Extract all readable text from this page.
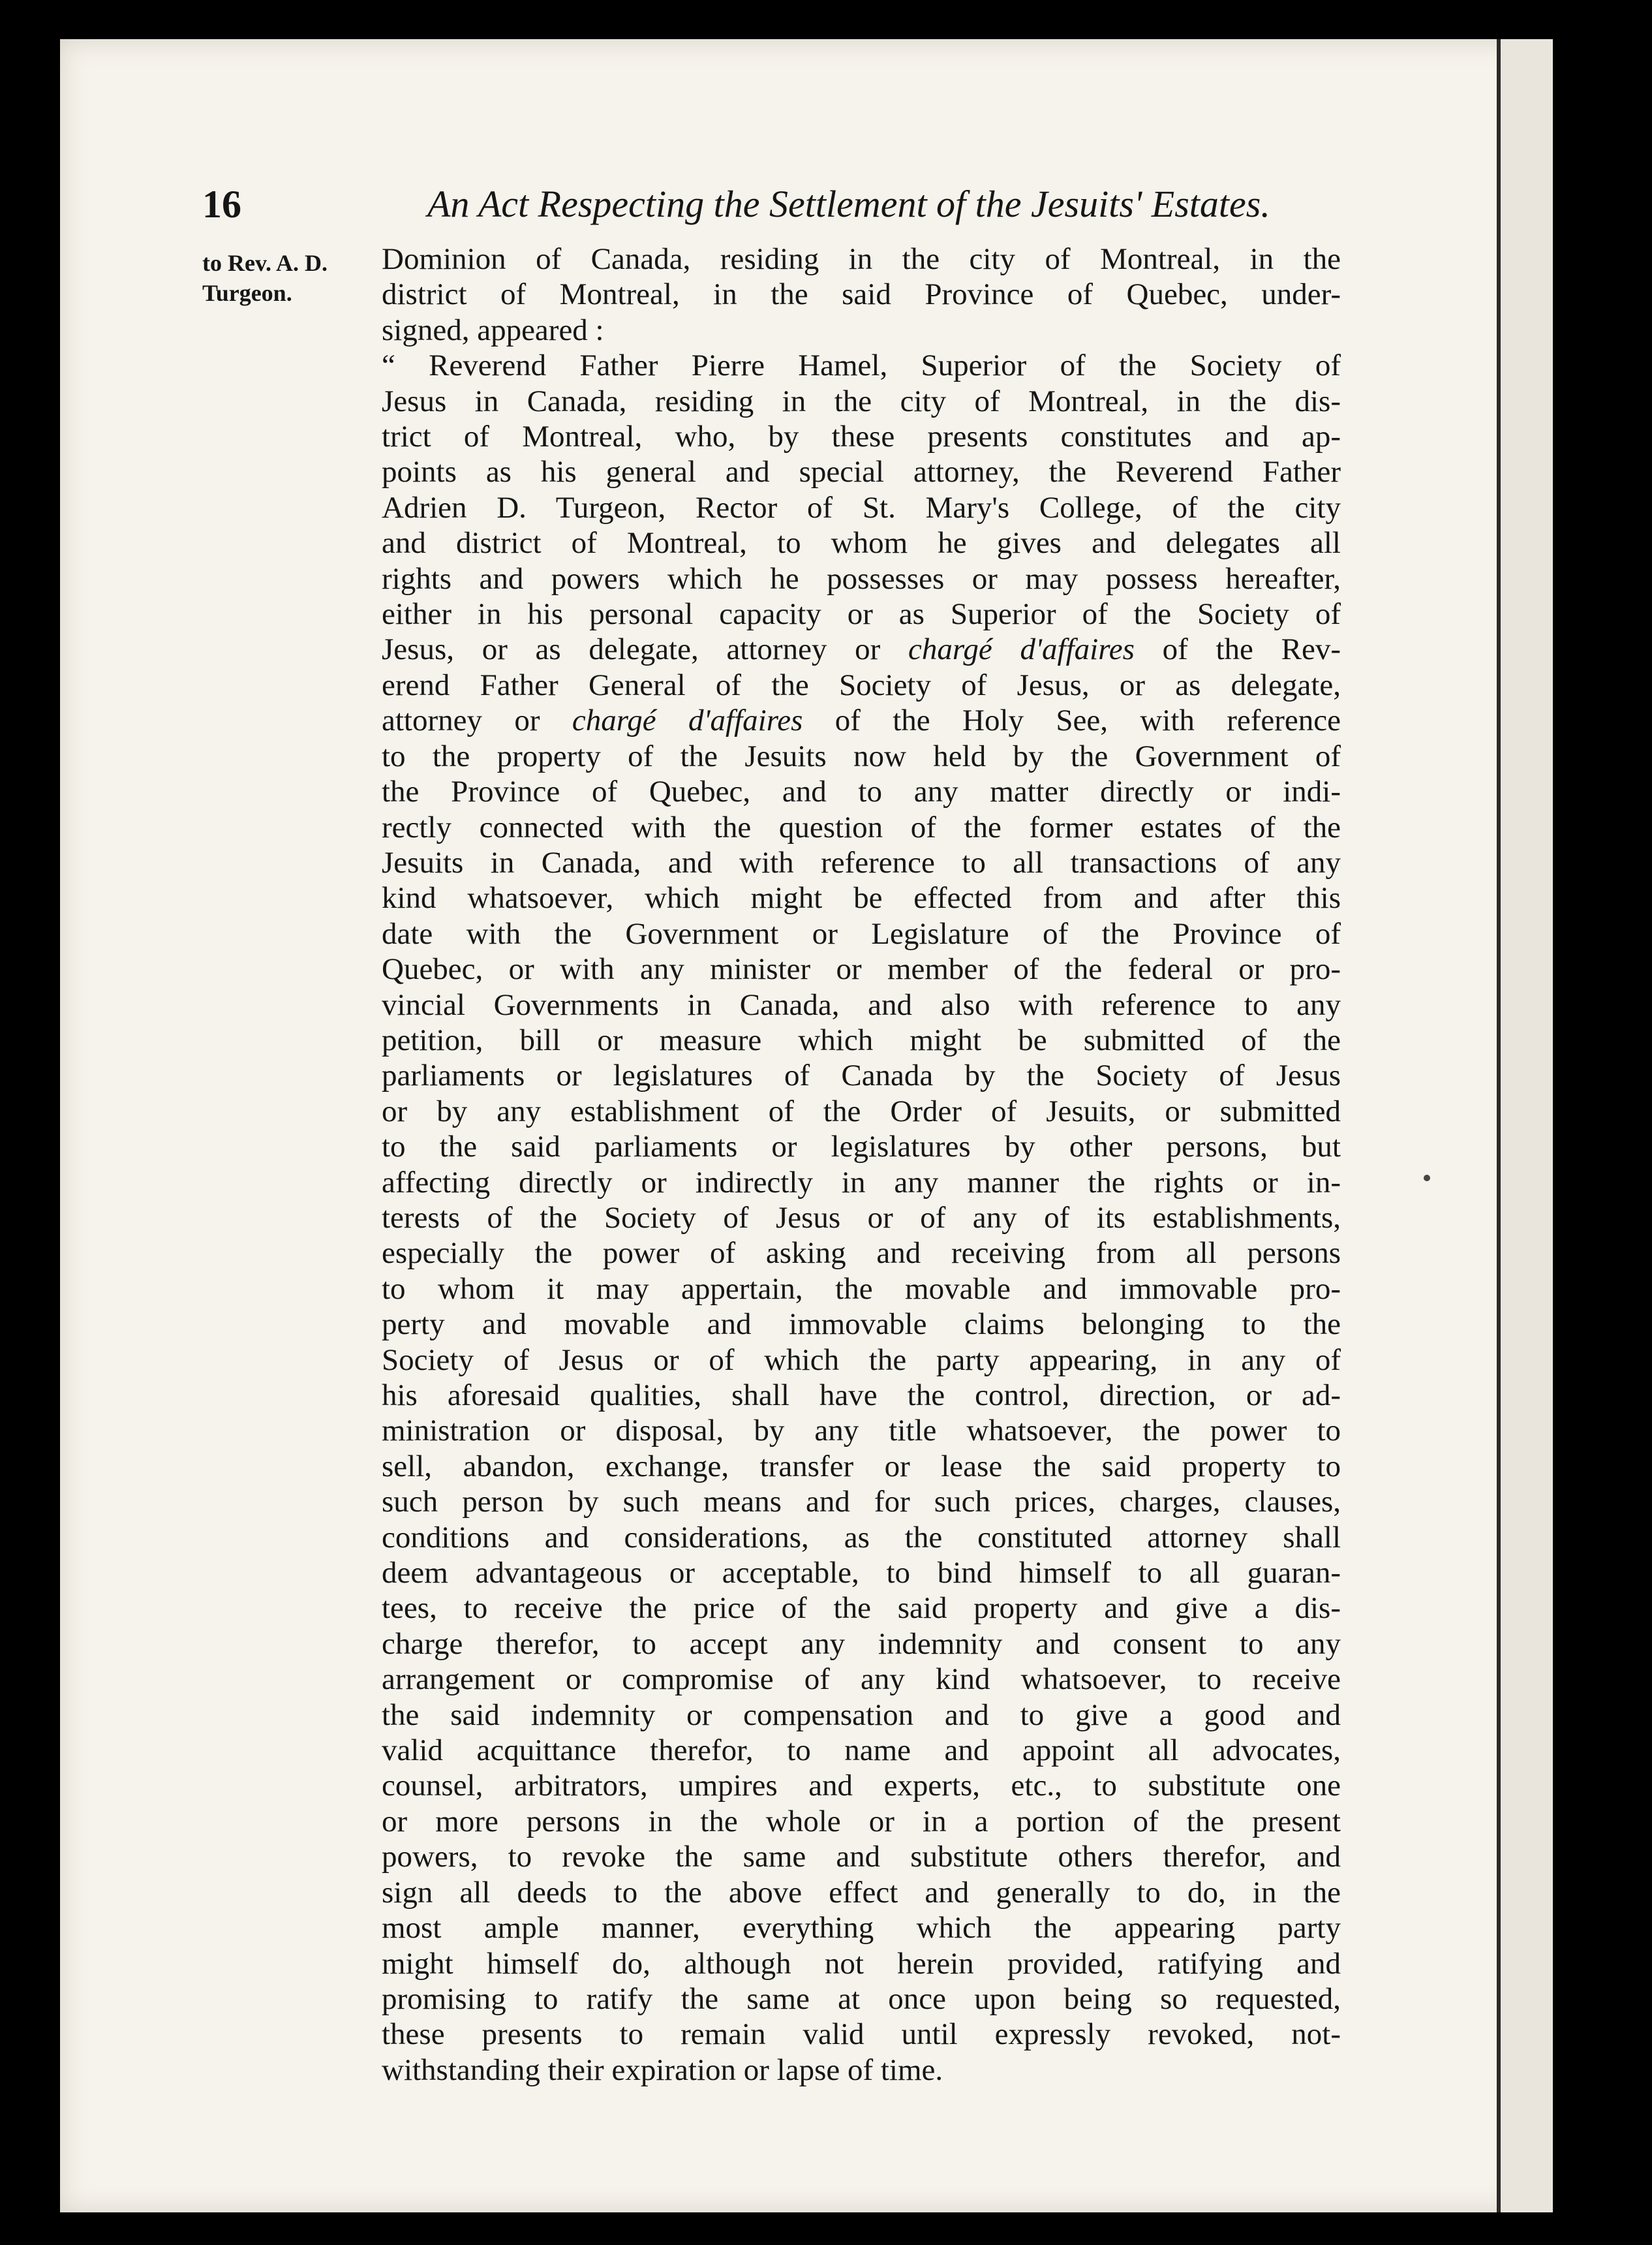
16	An Act Respecting the Settlement of the Jesuits' Estates.
to Rev. A. D.
Turgeon.
Dominion of Canada, residing in the city of Montreal, in the
district of Montreal, in the said Province of Quebec, under-
signed, appeared :
“ Reverend Father Pierre Hamel, Superior of the Society of
Jesus in Canada, residing in the city of Montreal, in the dis-
trict of Montreal, who, by these presents constitutes and ap-
points as his general and special attorney, the Reverend Father
Adrien D. Turgeon, Rector of St. Mary's College, of the city
and district of Montreal, to whom he gives and delegates all
rights and powers which he possesses or may possess hereafter,
either in his personal capacity or as Superior of the Society of
Jesus, or as delegate, attorney or chargé d'affaires of the Rev-
erend Father General of the Society of Jesus, or as delegate,
attorney or chargé d'affaires of the Holy See, with reference
to the property of the Jesuits now held by the Government of
the Province of Quebec, and to any matter directly or indi-
rectly connected with the question of the former estates of the
Jesuits in Canada, and with reference to all transactions of any
kind whatsoever, which might be effected from and after this
date with the Government or Legislature of the Province of
Quebec, or with any minister or member of the federal or pro-
vincial Governments in Canada, and also with reference to any
petition, bill or measure which might be submitted of the
parliaments or legislatures of Canada by the Society of Jesus
or by any establishment of the Order of Jesuits, or submitted
to the said parliaments or legislatures by other persons, but
affecting directly or indirectly in any manner the rights or in-
terests of the Society of Jesus or of any of its establishments,
especially the power of asking and receiving from all persons
to whom it may appertain, the movable and immovable pro-
perty and movable and immovable claims belonging to the
Society of Jesus or of which the party appearing, in any of
his aforesaid qualities, shall have the control, direction, or ad-
ministration or disposal, by any title whatsoever, the power to
sell, abandon, exchange, transfer or lease the said property to
such person by such means and for such prices, charges, clauses,
conditions and considerations, as the constituted attorney shall
deem advantageous or acceptable, to bind himself to all guaran-
tees, to receive the price of the said property and give a dis-
charge therefor, to accept any indemnity and consent to any
arrangement or compromise of any kind whatsoever, to receive
the said indemnity or compensation and to give a good and
valid acquittance therefor, to name and appoint all advocates,
counsel, arbitrators, umpires and experts, etc., to substitute one
or more persons in the whole or in a portion of the present
powers, to revoke the same and substitute others therefor, and
sign all deeds to the above effect and generally to do, in the
most ample manner, everything which the appearing party
might himself do, although not herein provided, ratifying and
promising to ratify the same at once upon being so requested,
these presents to remain valid until expressly revoked, not-
withstanding their expiration or lapse of time.
